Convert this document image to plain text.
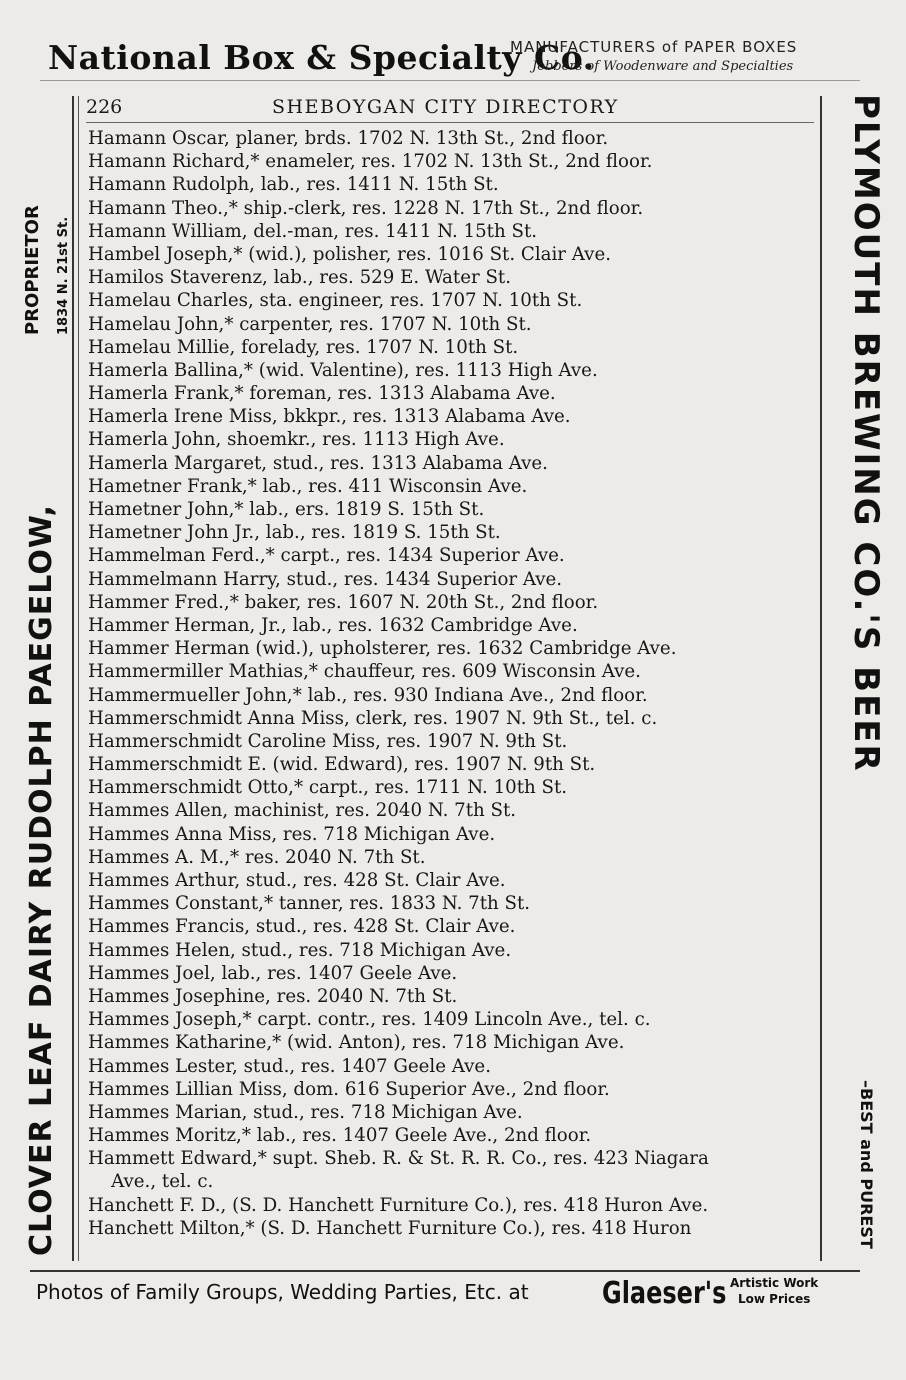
National Box & Specialty Co.
MANUFACTURERS of PAPER BOXES
Jobbers of Woodenware and Specialties
CLOVER LEAF DAIRY RUDOLPH PAEGELOW,
PROPRIETOR 1834 N. 21st St.	PLYMOUTH BREWING CO.'S BEER
–BEST and PUREST
226	SHEBOYGAN CITY DIRECTORY
Hamann Oscar, planer, brds. 1702 N. 13th St., 2nd floor.
Hamann Richard,* enameler, res. 1702 N. 13th St., 2nd floor.
Hamann Rudolph, lab., res. 1411 N. 15th St.
Hamann Theo.,* ship.-clerk, res. 1228 N. 17th St., 2nd floor.
Hamann William, del.-man, res. 1411 N. 15th St.
Hambel Joseph,* (wid.), polisher, res. 1016 St. Clair Ave.
Hamilos Staverenz, lab., res. 529 E. Water St.
Hamelau Charles, sta. engineer, res. 1707 N. 10th St.
Hamelau John,* carpenter, res. 1707 N. 10th St.
Hamelau Millie, forelady, res. 1707 N. 10th St.
Hamerla Ballina,* (wid. Valentine), res. 1113 High Ave.
Hamerla Frank,* foreman, res. 1313 Alabama Ave.
Hamerla Irene Miss, bkkpr., res. 1313 Alabama Ave.
Hamerla John, shoemkr., res. 1113 High Ave.
Hamerla Margaret, stud., res. 1313 Alabama Ave.
Hametner Frank,* lab., res. 411 Wisconsin Ave.
Hametner John,* lab., ers. 1819 S. 15th St.
Hametner John Jr., lab., res. 1819 S. 15th St.
Hammelman Ferd.,* carpt., res. 1434 Superior Ave.
Hammelmann Harry, stud., res. 1434 Superior Ave.
Hammer Fred.,* baker, res. 1607 N. 20th St., 2nd floor.
Hammer Herman, Jr., lab., res. 1632 Cambridge Ave.
Hammer Herman (wid.), upholsterer, res. 1632 Cambridge Ave.
Hammermiller Mathias,* chauffeur, res. 609 Wisconsin Ave.
Hammermueller John,* lab., res. 930 Indiana Ave., 2nd floor.
Hammerschmidt Anna Miss, clerk, res. 1907 N. 9th St., tel. c.
Hammerschmidt Caroline Miss, res. 1907 N. 9th St.
Hammerschmidt E. (wid. Edward), res. 1907 N. 9th St.
Hammerschmidt Otto,* carpt., res. 1711 N. 10th St.
Hammes Allen, machinist, res. 2040 N. 7th St.
Hammes Anna Miss, res. 718 Michigan Ave.
Hammes A. M.,* res. 2040 N. 7th St.
Hammes Arthur, stud., res. 428 St. Clair Ave.
Hammes Constant,* tanner, res. 1833 N. 7th St.
Hammes Francis, stud., res. 428 St. Clair Ave.
Hammes Helen, stud., res. 718 Michigan Ave.
Hammes Joel, lab., res. 1407 Geele Ave.
Hammes Josephine, res. 2040 N. 7th St.
Hammes Joseph,* carpt. contr., res. 1409 Lincoln Ave., tel. c.
Hammes Katharine,* (wid. Anton), res. 718 Michigan Ave.
Hammes Lester, stud., res. 1407 Geele Ave.
Hammes Lillian Miss, dom. 616 Superior Ave., 2nd floor.
Hammes Marian, stud., res. 718 Michigan Ave.
Hammes Moritz,* lab., res. 1407 Geele Ave., 2nd floor.
Hammett Edward,* supt. Sheb. R. & St. R. R. Co., res. 423 Niagara
Ave., tel. c.
Hanchett F. D., (S. D. Hanchett Furniture Co.), res. 418 Huron Ave.
Hanchett Milton,* (S. D. Hanchett Furniture Co.), res. 418 Huron
Photos of Family Groups, Wedding Parties, Etc. at Glaeser's Artistic Work
Low Prices
